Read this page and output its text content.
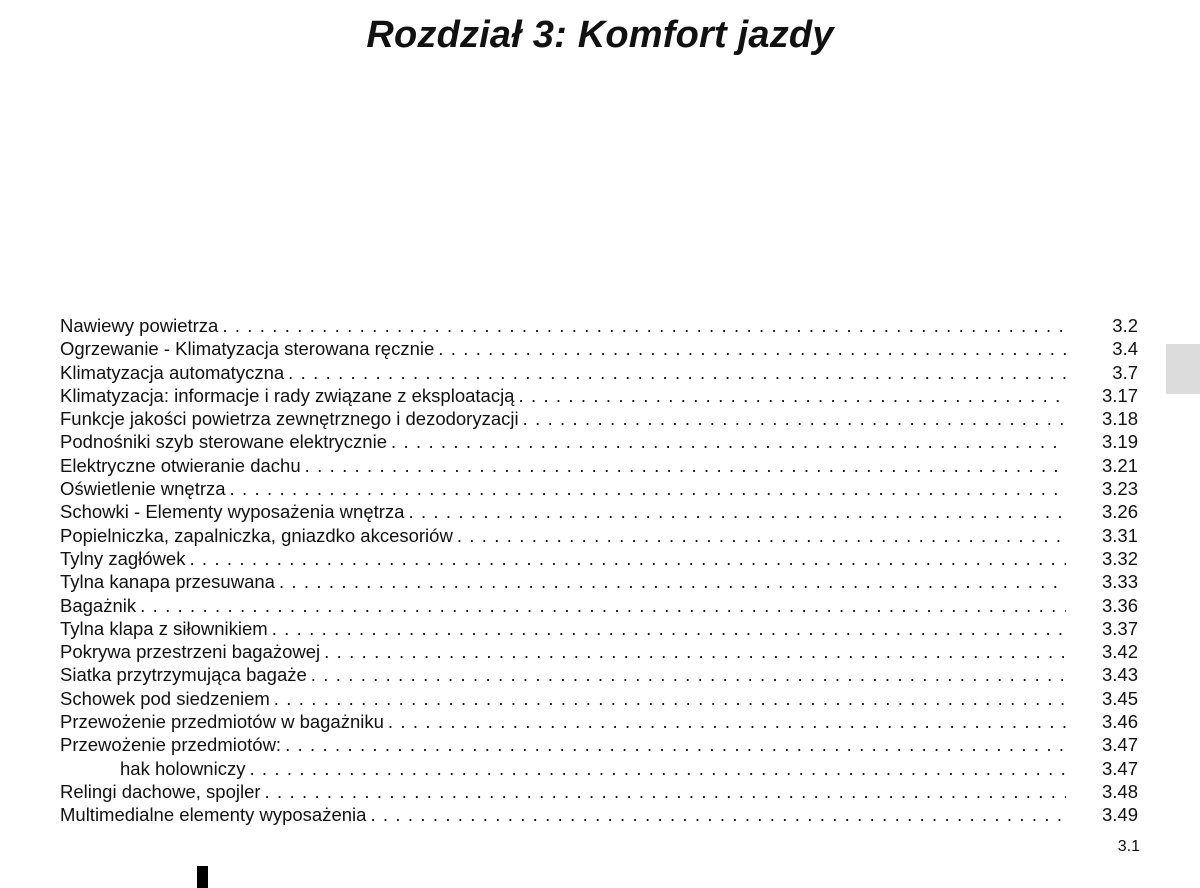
Rozdział 3: Komfort jazdy
Nawiewy powietrza . . .	3.2
Ogrzewanie - Klimatyzacja sterowana ręcznie . . .	3.4
Klimatyzacja automatyczna . . .	3.7
Klimatyzacja: informacje i rady związane z eksploatacją . . .	3.17
Funkcje jakości powietrza zewnętrznego i dezodoryzacji . . .	3.18
Podnośniki szyb sterowane elektrycznie . . .	3.19
Elektryczne otwieranie dachu . . .	3.21
Oświetlenie wnętrza . . .	3.23
Schowki - Elementy wyposażenia wnętrza . . .	3.26
Popielniczka, zapalniczka, gniazdko akcesoriów . . .	3.31
Tylny zagłówek . . .	3.32
Tylna kanapa przesuwana . . .	3.33
Bagażnik . . .	3.36
Tylna klapa z siłownikiem . . .	3.37
Pokrywa przestrzeni bagażowej . . .	3.42
Siatka przytrzymująca bagaże . . .	3.43
Schowek pod siedzeniem . . .	3.45
Przewożenie przedmiotów w bagażniku . . .	3.46
Przewożenie przedmiotów: . . .	3.47
hak holowniczy . . .	3.47
Relingi dachowe, spojler . . .	3.48
Multimedialne elementy wyposażenia . . .	3.49
3.1
